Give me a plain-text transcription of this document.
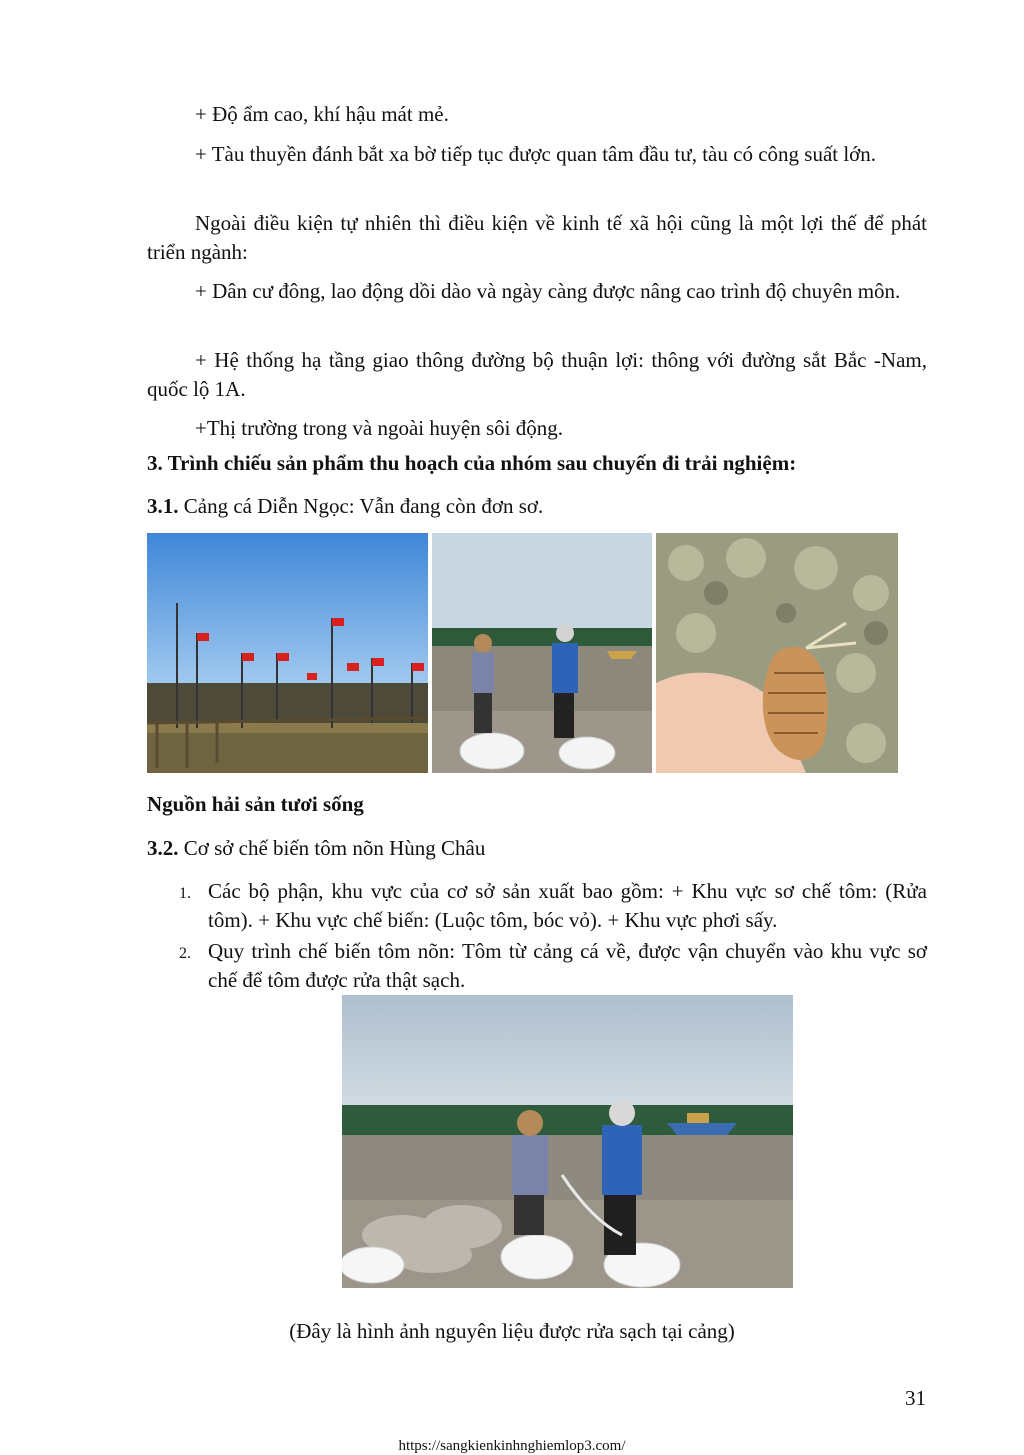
+ Độ ẩm cao, khí hậu mát mẻ.

+ Tàu thuyền đánh bắt xa bờ tiếp tục được quan tâm đầu tư, tàu có công suất lớn.

Ngoài điều kiện tự nhiên thì điều kiện về kinh tế xã hội cũng là một lợi thế để phát triển ngành:

+ Dân cư đông, lao động dồi dào và ngày càng được nâng cao trình độ chuyên môn.

+ Hệ thống hạ tầng giao thông đường bộ thuận lợi: thông với đường sắt Bắc -Nam, quốc lộ 1A.

+Thị trường trong và ngoài huyện sôi động.

3. Trình chiếu sản phẩm thu hoạch của nhóm sau chuyến đi trải nghiệm:

3.1. Cảng cá Diễn Ngọc: Vẫn đang còn đơn sơ.

Nguồn hải sản tươi sống

3.2. Cơ sở chế biến tôm nõn Hùng Châu

1. Các bộ phận, khu vực của cơ sở sản xuất bao gồm: + Khu vực sơ chế tôm: (Rửa tôm). + Khu vực chế biến: (Luộc tôm, bóc vỏ). + Khu vực phơi sấy.
2. Quy trình chế biến tôm nõn: Tôm từ cảng cá về, được vận chuyển vào khu vực sơ chế để tôm được rửa thật sạch.
(Đây là hình ảnh nguyên liệu được rửa sạch tại cảng)
31
https://sangkienkinhnghiemlop3.com/
